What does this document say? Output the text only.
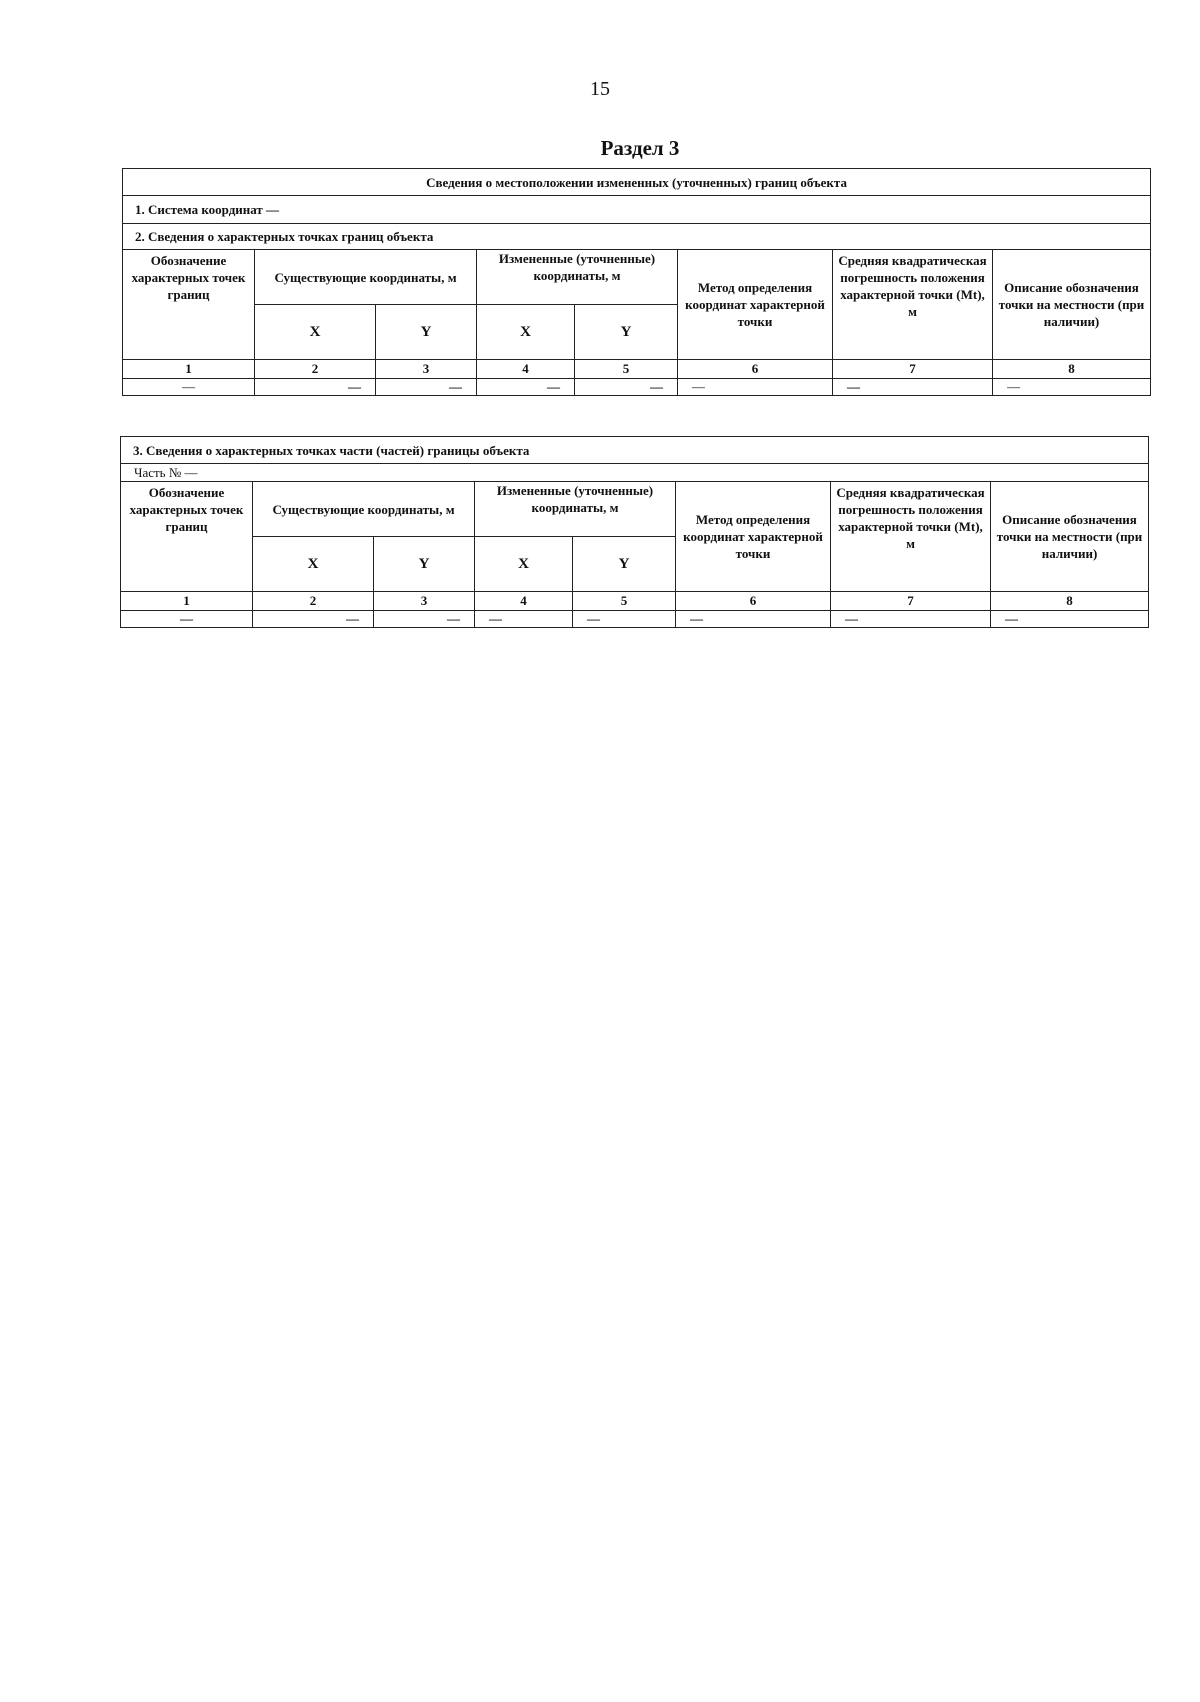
15
Раздел 3
Сведения о местоположении измененных (уточненных) границ объекта							
1. Система координат —							
2. Сведения о характерных точках границ объекта							
Обозначение характерных точек границ	Существующие координаты, м		Измененные (уточненные) координаты, м		Метод определения координат характерной точки	Средняя квадратическая погрешность положения характерной точки (Mt), м	Описание обозначения точки на местности (при наличии)
	X	Y	X	Y			
1	2	3	4	5	6	7	8
—	—	—	—	—	—	—	—
3. Сведения о характерных точках части (частей) границы объекта							
Часть № —							
Обозначение характерных точек границ	Существующие координаты, м		Измененные (уточненные) координаты, м		Метод определения координат характерной точки	Средняя квадратическая погрешность положения характерной точки (Mt), м	Описание обозначения точки на местности (при наличии)
	X	Y	X	Y			
1	2	3	4	5	6	7	8
—	—	—	—	—	—	—	—
